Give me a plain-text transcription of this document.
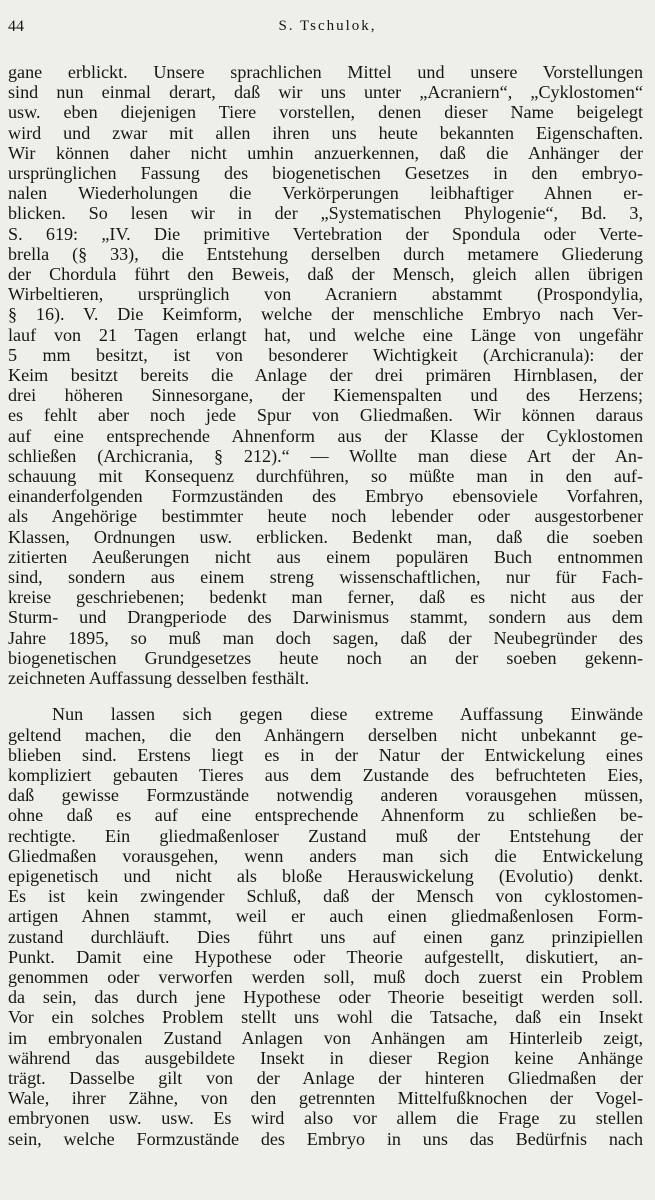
44	S. Tschulok,
gane erblickt. Unsere sprachlichen Mittel und unsere Vorstellungen
sind nun einmal derart, daß wir uns unter „Acraniern“, „Cyklostomen“
usw. eben diejenigen Tiere vorstellen, denen dieser Name beigelegt
wird und zwar mit allen ihren uns heute bekannten Eigenschaften.
Wir können daher nicht umhin anzuerkennen, daß die Anhänger der
ursprünglichen Fassung des biogenetischen Gesetzes in den embryo-
nalen Wiederholungen die Verkörperungen leibhaftiger Ahnen er-
blicken. So lesen wir in der „Systematischen Phylogenie“, Bd. 3,
S. 619: „IV. Die primitive Vertebration der Spondula oder Verte-
brella (§ 33), die Entstehung derselben durch metamere Gliederung
der Chordula führt den Beweis, daß der Mensch, gleich allen übrigen
Wirbeltieren, ursprünglich von Acraniern abstammt (Prospondylia,
§ 16). V. Die Keimform, welche der menschliche Embryo nach Ver-
lauf von 21 Tagen erlangt hat, und welche eine Länge von ungefähr
5 mm besitzt, ist von besonderer Wichtigkeit (Archicranula): der
Keim besitzt bereits die Anlage der drei primären Hirnblasen, der
drei höheren Sinnesorgane, der Kiemenspalten und des Herzens;
es fehlt aber noch jede Spur von Gliedmaßen. Wir können daraus
auf eine entsprechende Ahnenform aus der Klasse der Cyklostomen
schließen (Archicrania, § 212).“ — Wollte man diese Art der An-
schauung mit Konsequenz durchführen, so müßte man in den auf-
einanderfolgenden Formzuständen des Embryo ebensoviele Vorfahren,
als Angehörige bestimmter heute noch lebender oder ausgestorbener
Klassen, Ordnungen usw. erblicken. Bedenkt man, daß die soeben
zitierten Aeußerungen nicht aus einem populären Buch entnommen
sind, sondern aus einem streng wissenschaftlichen, nur für Fach-
kreise geschriebenen; bedenkt man ferner, daß es nicht aus der
Sturm- und Drangperiode des Darwinismus stammt, sondern aus dem
Jahre 1895, so muß man doch sagen, daß der Neubegründer des
biogenetischen Grundgesetzes heute noch an der soeben gekenn-
zeichneten Auffassung desselben festhält.
Nun lassen sich gegen diese extreme Auffassung Einwände
geltend machen, die den Anhängern derselben nicht unbekannt ge-
blieben sind. Erstens liegt es in der Natur der Entwickelung eines
kompliziert gebauten Tieres aus dem Zustande des befruchteten Eies,
daß gewisse Formzustände notwendig anderen vorausgehen müssen,
ohne daß es auf eine entsprechende Ahnenform zu schließen be-
rechtigte. Ein gliedmaßenloser Zustand muß der Entstehung der
Gliedmaßen vorausgehen, wenn anders man sich die Entwickelung
epigenetisch und nicht als bloße Herauswickelung (Evolutio) denkt.
Es ist kein zwingender Schluß, daß der Mensch von cyklostomen-
artigen Ahnen stammt, weil er auch einen gliedmaßenlosen Form-
zustand durchläuft. Dies führt uns auf einen ganz prinzipiellen
Punkt. Damit eine Hypothese oder Theorie aufgestellt, diskutiert, an-
genommen oder verworfen werden soll, muß doch zuerst ein Problem
da sein, das durch jene Hypothese oder Theorie beseitigt werden soll.
Vor ein solches Problem stellt uns wohl die Tatsache, daß ein Insekt
im embryonalen Zustand Anlagen von Anhängen am Hinterleib zeigt,
während das ausgebildete Insekt in dieser Region keine Anhänge
trägt. Dasselbe gilt von der Anlage der hinteren Gliedmaßen der
Wale, ihrer Zähne, von den getrennten Mittelfußknochen der Vogel-
embryonen usw. usw. Es wird also vor allem die Frage zu stellen
sein, welche Formzustände des Embryo in uns das Bedürfnis nach
